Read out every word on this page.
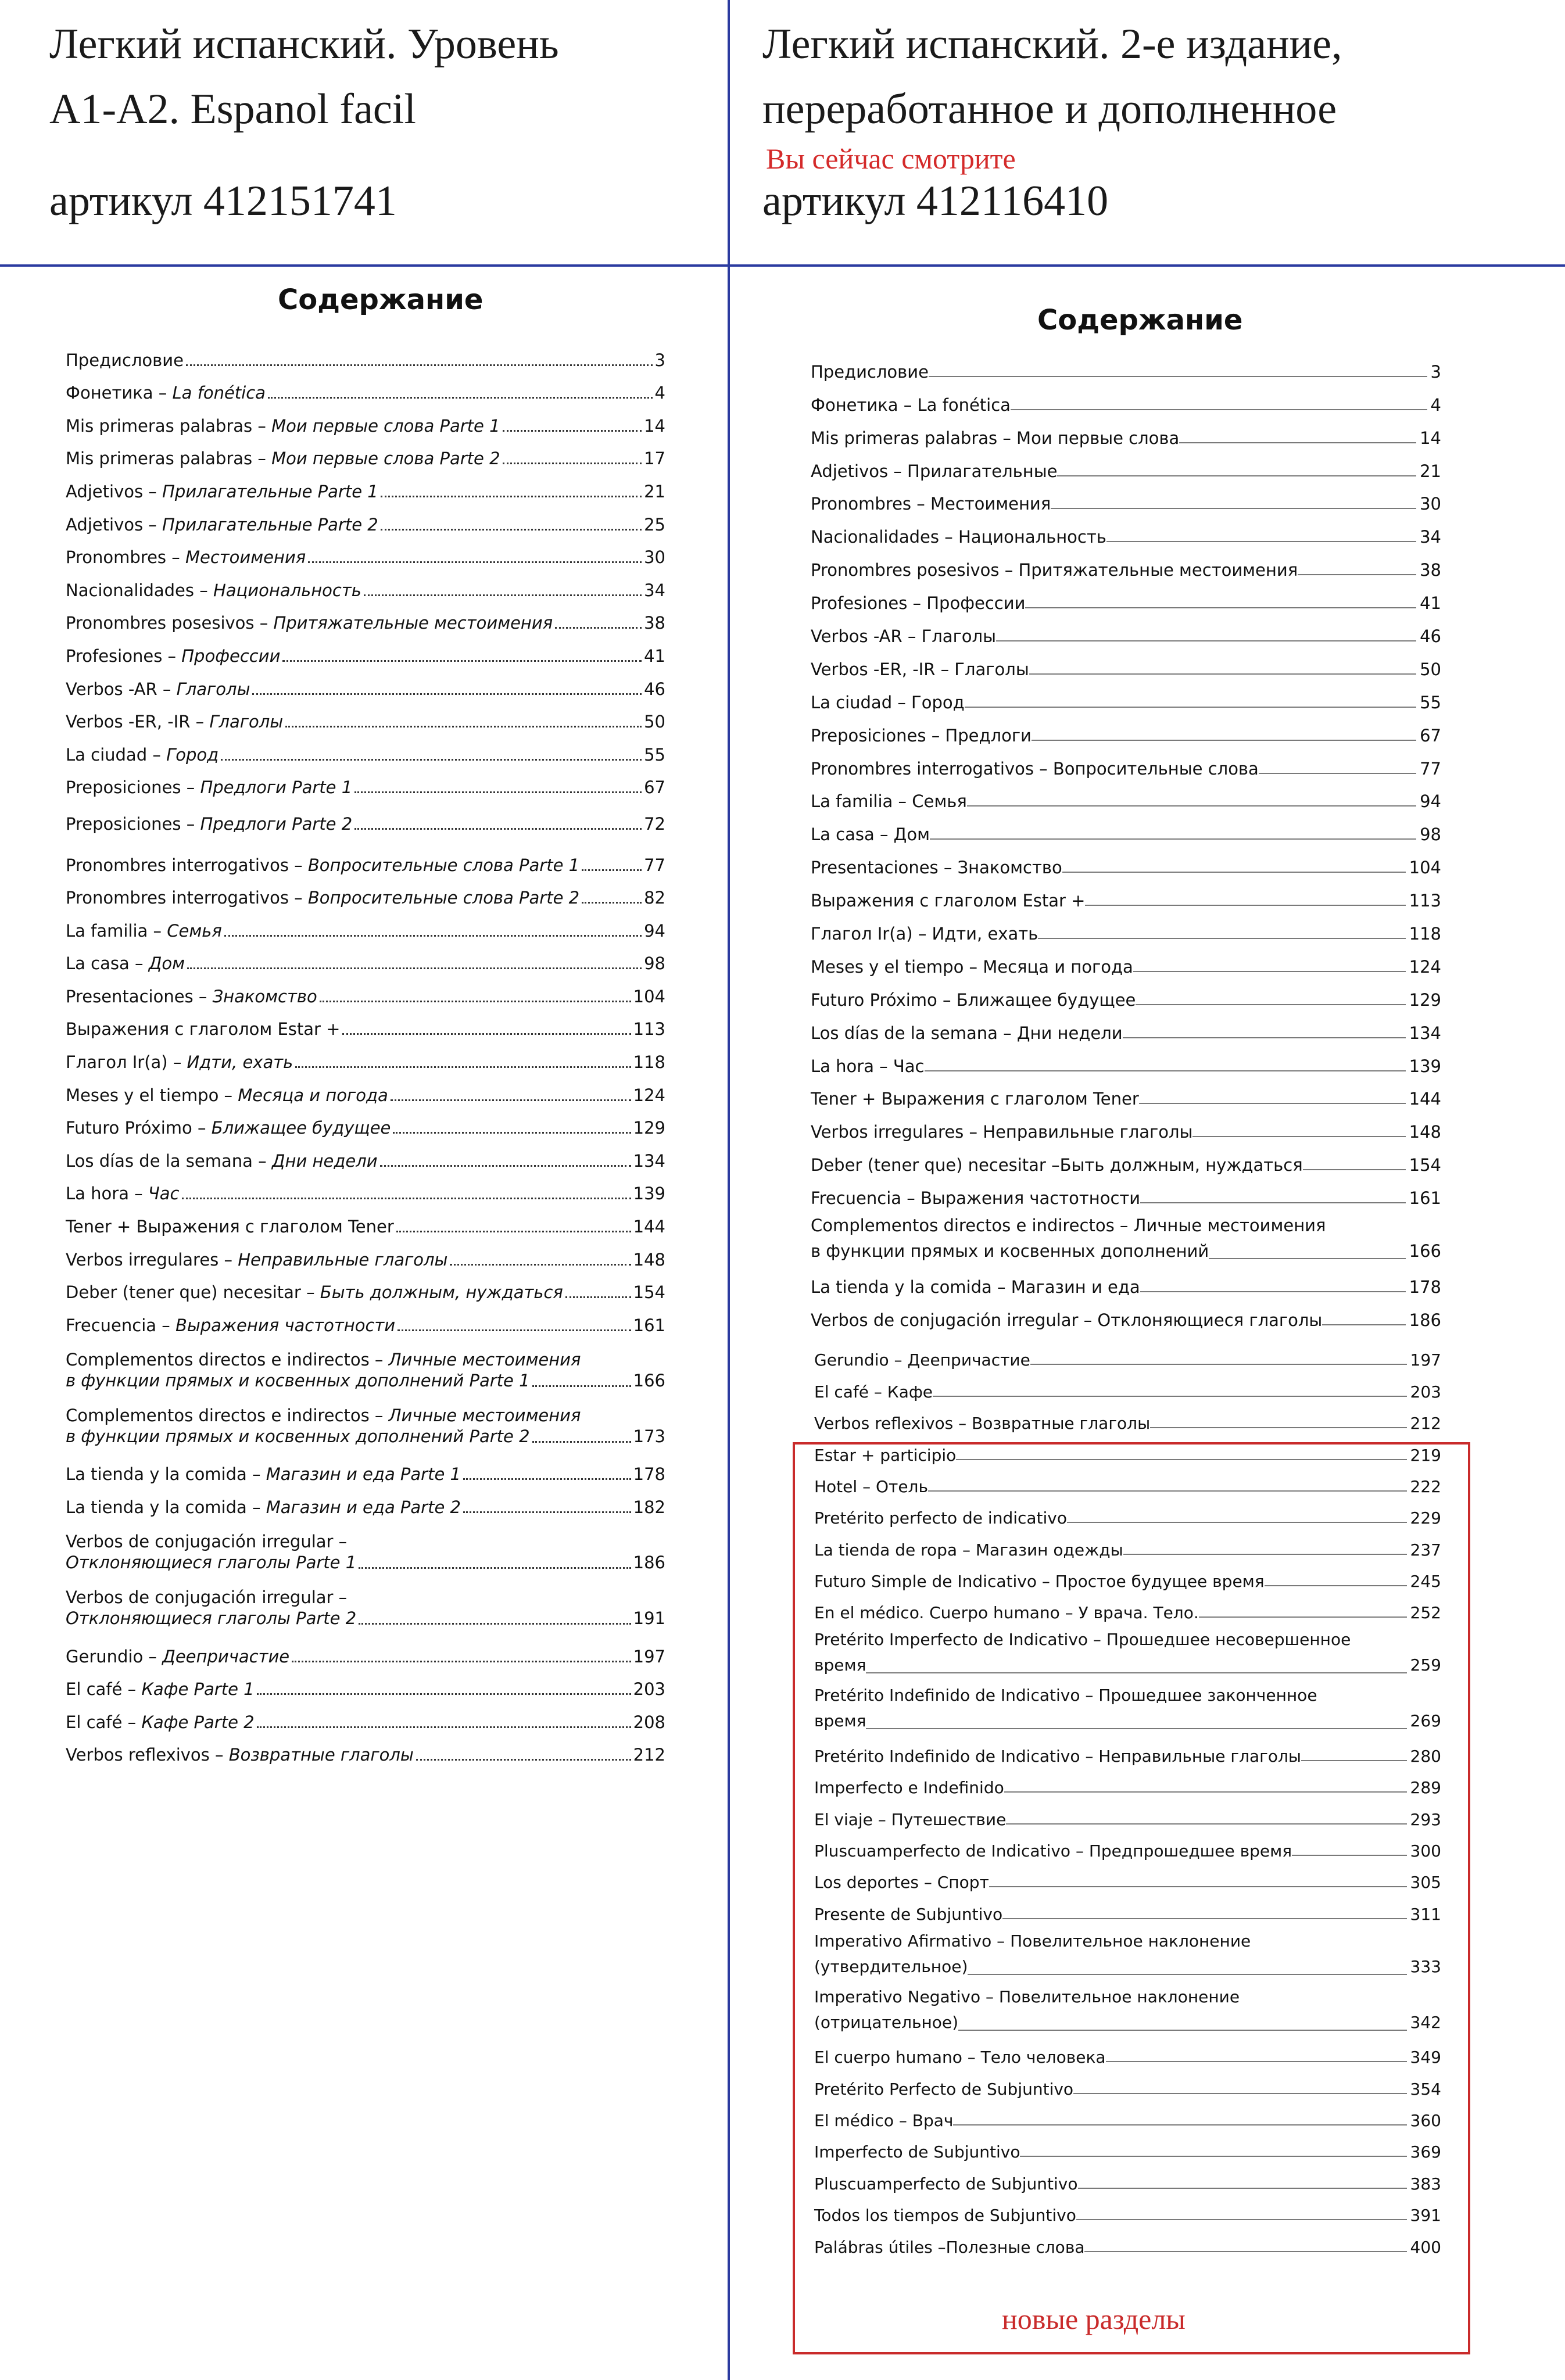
Легкий испанский. Уровень
А1-А2. Espanol facil
артикул 412151741
Легкий испанский. 2-е издание,
переработанное и дополненное
Вы сейчас смотрите
артикул 412116410
Содержание
Содержание
Предисловие	3
Фонетика – La fonética	4
Mis primeras palabras – Мои первые слова Parte 1	14
Mis primeras palabras – Мои первые слова Parte 2	17
Adjetivos – Прилагательные Parte 1	21
Adjetivos – Прилагательные Parte 2	25
Pronombres – Местоимения	30
Nacionalidades – Национальность	34
Pronombres posesivos – Притяжательные местоимения	38
Profesiones – Профессии	41
Verbos -AR – Глаголы	46
Verbos -ER, -IR – Глаголы	50
La ciudad – Город	55
Preposiciones – Предлоги Parte 1	67
Preposiciones – Предлоги Parte 2	72
Pronombres interrogativos – Вопросительные слова Parte 1	77
Pronombres interrogativos – Вопросительные слова Parte 2	82
La familia – Семья	94
La casa – Дом	98
Presentaciones – Знакомство	104
Выражения с глаголом Estar +	113
Глагол Ir(a) – Идти, ехать	118
Meses y el tiempo – Месяца и погода	124
Futuro Próximo – Ближащее будущее	129
Los días de la semana – Дни недели	134
La hora – Час	139
Tener + Выражения с глаголом Tener	144
Verbos irregulares – Неправильные глаголы	148
Deber (tener que) necesitar – Быть должным, нуждаться	154
Frecuencia – Выражения частотности	161
Complementos directos e indirectos – Личные местоимения
в функции прямых и косвенных дополнений Parte 1	166
Complementos directos e indirectos – Личные местоимения
в функции прямых и косвенных дополнений Parte 2	173
La tienda y la comida – Магазин и еда Parte 1	178
La tienda y la comida – Магазин и еда Parte 2	182
Verbos de conjugación irregular –
Отклоняющиеся глаголы Parte 1	186
Verbos de conjugación irregular –
Отклоняющиеся глаголы Parte 2	191
Gerundio – Деепричастие	197
El café – Кафе Parte 1	203
El café – Кафе Parte 2	208
Verbos reflexivos – Возвратные глаголы	212
Предисловие	3
Фонетика – La fonética	4
Mis primeras palabras – Мои первые слова	14
Adjetivos – Прилагательные	21
Pronombres – Местоимения	30
Nacionalidades – Национальность	34
Pronombres posesivos – Притяжательные местоимения	38
Profesiones – Профессии	41
Verbos -AR – Глаголы	46
Verbos -ER, -IR – Глаголы	50
La ciudad – Город	55
Preposiciones – Предлоги	67
Pronombres interrogativos – Вопросительные слова	77
La familia – Семья	94
La casa – Дом	98
Presentaciones – Знакомство	104
Выражения с глаголом Estar +	113
Глагол Ir(a) – Идти, ехать	118
Meses y el tiempo – Месяца и погода	124
Futuro Próximo – Ближащее будущее	129
Los días de la semana – Дни недели	134
La hora – Час	139
Tener + Выражения с глаголом Tener	144
Verbos irregulares – Неправильные глаголы	148
Deber (tener que) necesitar –Быть должным, нуждаться	154
Frecuencia – Выражения частотности	161
Complementos directos e indirectos – Личные местоимения
в функции прямых и косвенных дополнений	166
La tienda y la comida – Магазин и еда	178
Verbos de conjugación irregular – Отклоняющиеся глаголы	186
Gerundio – Деепричастие	197
El café – Кафе	203
Verbos reflexivos – Возвратные глаголы	212
Estar + participio	219
Hotel – Отель	222
Pretérito perfecto de indicativo	229
La tienda de ropa – Магазин одежды	237
Futuro Simple de Indicativo – Простое будущее время	245
En el médico. Cuerpo humano – У врача. Тело.	252
Pretérito Imperfecto de Indicativo – Прошедшее несовершенное
время	259
Pretérito Indefinido de Indicativo – Прошедшее законченное
время	269
Pretérito Indefinido de Indicativo – Неправильные глаголы	280
Imperfecto e Indefinido	289
El viaje – Путешествие	293
Pluscuamperfecto de Indicativo – Предпрошедшее время	300
Los deportes – Спорт	305
Presente de Subjuntivo	311
Imperativo Afirmativo – Повелительное наклонение
(утвердительное)	333
Imperativo Negativo – Повелительное наклонение
(отрицательное)	342
El cuerpo humano – Тело человека	349
Pretérito Perfecto de Subjuntivo	354
El médico – Врач	360
Imperfecto de Subjuntivo	369
Pluscuamperfecto de Subjuntivo	383
Todos los tiempos de Subjuntivo	391
Palábras útiles –Полезные слова	400
новые разделы
